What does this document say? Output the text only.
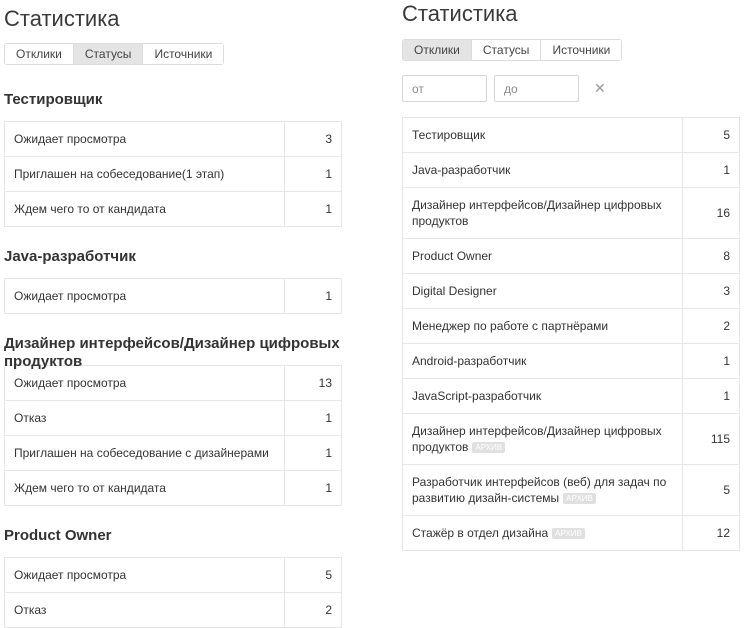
Статистика
Отклики	Статусы	Источники
Тестировщик
Ожидает просмотра	3
Приглашен на собеседование(1 этап)	1
Ждем чего то от кандидата	1
Java-разработчик
Ожидает просмотра	1
Дизайнер интерфейсов/Дизайнер цифровых продуктов
Ожидает просмотра	13
Отказ	1
Приглашен на собеседование с дизайнерами	1
Ждем чего то от кандидата	1
Product Owner
Ожидает просмотра	5
Отказ	2
Статистика
Отклики	Статусы	Источники
от
до
✕
Тестировщик	5
Java-разработчик	1
Дизайнер интерфейсов/Дизайнер цифровых продуктов	16
Product Owner	8
Digital Designer	3
Менеджер по работе с партнёрами	2
Android-разработчик	1
JavaScript-разработчик	1
Дизайнер интерфейсов/Дизайнер цифровых продуктов АРХИВ	115
Разработчик интерфейсов (веб) для задач по развитию дизайн-системы АРХИВ	5
Стажёр в отдел дизайна АРХИВ	12
